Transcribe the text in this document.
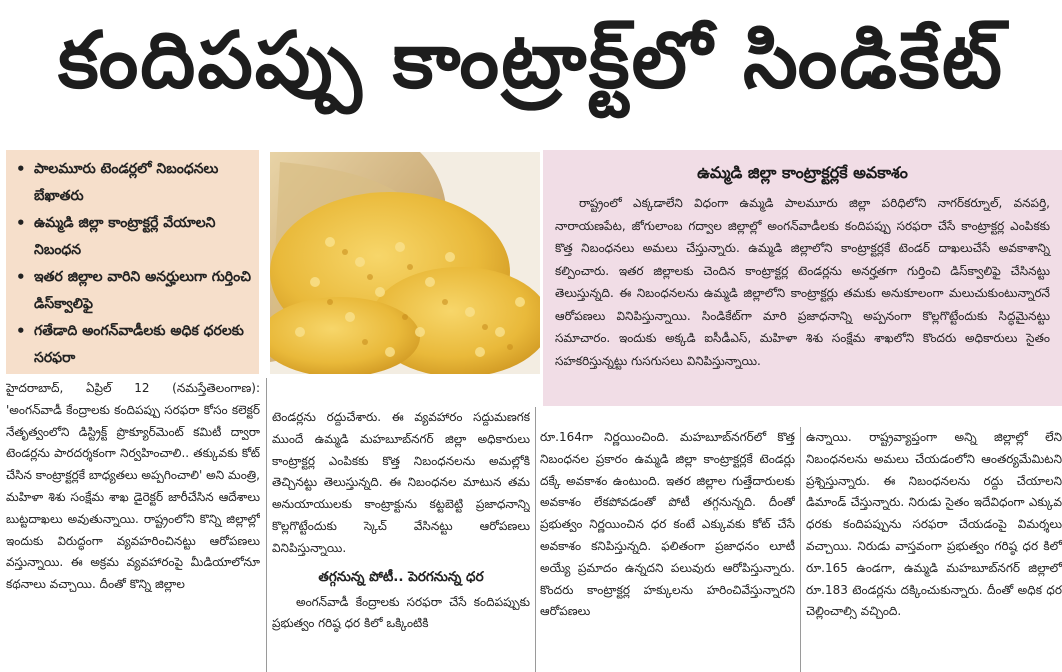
కందిపప్పు కాంట్రాక్ట్‌లో సిండికేట్
• పాలమూరు టెండర్లలో నిబంధనలు బేఖాతరు
• ఉమ్మడి జిల్లా కాంట్రాక్టర్లే వేయాలని నిబంధన
• ఇతర జిల్లాల వారిని అనర్హులుగా గుర్తించి డిస్‌క్వాలిఫై
• గతేడాది అంగన్‌వాడీలకు అధిక ధరలకు సరఫరా
ఉమ్మడి జిల్లా కాంట్రాక్టర్లకే అవకాశం
రాష్ట్రంలో ఎక్కడాలేని విధంగా ఉమ్మడి పాలమూరు జిల్లా పరిధిలోని నాగర్‌కర్నూల్, వనపర్తి, నారాయణపేట, జోగులాంబ గద్వాల జిల్లాల్లో అంగన్‌వాడీలకు కందిపప్పు సరఫరా చేసే కాంట్రాక్టర్ల ఎంపికకు కొత్త నిబంధనలు అమలు చేస్తున్నారు. ఉమ్మడి జిల్లాలోని కాంట్రాక్టర్లకే టెండర్ దాఖలుచేసే అవకాశాన్ని కల్పించారు. ఇతర జిల్లాలకు చెందిన కాంట్రాక్టర్ల టెండర్లను అనర్హతగా గుర్తించి డిస్‌క్వాలిఫై చేసినట్టు తెలుస్తున్నది. ఈ నిబంధనలను ఉమ్మడి జిల్లాలోని కాంట్రాక్టర్లు తమకు అనుకూలంగా మలుచుకుంటున్నారనే ఆరోపణలు వినిపిస్తున్నాయి. సిండికేట్‌గా మారి ప్రజాధనాన్ని అప్పనంగా కొల్లగొట్టేందుకు సిద్ధమైనట్టు సమాచారం. ఇందుకు అక్కడి ఐసీడీఎస్, మహిళా శిశు సంక్షేమ శాఖలోని కొందరు అధికారులు సైతం సహకరిస్తున్నట్టు గుసగుసలు వినిపిస్తున్నాయి.
హైదరాబాద్, ఏప్రిల్ 12 (నమస్తేతెలంగాణ): 'అంగన్‌వాడీ కేంద్రాలకు కందిపప్పు సరఫరా కోసం కలెక్టర్ నేతృత్వంలోని డిస్ట్రిక్ట్ ప్రొక్యూర్‌మెంట్ కమిటీ ద్వారా టెండర్లను పారదర్శకంగా నిర్వహించాలి.. తక్కువకు కోట్ చేసిన కాంట్రాక్టర్లకే బాధ్యతలు అప్పగించాలి' అని మంత్రి, మహిళా శిశు సంక్షేమ శాఖ డైరెక్టర్ జారీచేసిన ఆదేశాలు బుట్టదాఖలు అవుతున్నాయి. రాష్ట్రంలోని కొన్ని జిల్లాల్లో ఇందుకు విరుద్ధంగా వ్యవహరించినట్టు ఆరోపణలు వస్తున్నాయి. ఈ అక్రమ వ్యవహారంపై మీడియాలోనూ కథనాలు వచ్చాయి. దీంతో కొన్ని జిల్లాల
టెండర్లను రద్దుచేశారు. ఈ వ్యవహారం సద్దుమణగక ముందే ఉమ్మడి మహబూబ్‌నగర్ జిల్లా అధికారులు కాంట్రాక్టర్ల ఎంపికకు కొత్త నిబంధనలను అమల్లోకి తెచ్చినట్టు తెలుస్తున్నది. ఈ నిబంధనల మాటున తమ అనుయాయులకు కాంట్రాక్టును కట్టబెట్టి ప్రజాధనాన్ని కొల్లగొట్టేందుకు స్కెచ్ వేసినట్టు ఆరోపణలు వినిపిస్తున్నాయి.
తగ్గనున్న పోటీ.. పెరగనున్న ధర
అంగన్‌వాడీ కేంద్రాలకు సరఫరా చేసే కందిపప్పుకు ప్రభుత్వం గరిష్ఠ ధర కిలో ఒక్కింటికి
రూ.164గా నిర్ణయించింది. మహబూబ్‌నగర్‌లో కొత్త నిబంధనల ప్రకారం ఉమ్మడి జిల్లా కాంట్రాక్టర్లకే టెండర్లు దక్కే అవకాశం ఉంటుంది. ఇతర జిల్లాల గుత్తేదారులకు అవకాశం లేకపోవడంతో పోటీ తగ్గనున్నది. దీంతో ప్రభుత్వం నిర్ణయించిన ధర కంటే ఎక్కువకు కోట్ చేసే అవకాశం కనిపిస్తున్నది. ఫలితంగా ప్రజాధనం లూటీ అయ్యే ప్రమాదం ఉన్నదని పలువురు ఆరోపిస్తున్నారు. కొందరు కాంట్రాక్టర్ల హక్కులను హరించివేస్తున్నారని ఆరోపణలు
ఉన్నాయి. రాష్ట్రవ్యాప్తంగా అన్ని జిల్లాల్లో లేని నిబంధనలను అమలు చేయడంలోని ఆంతర్యమేమిటని ప్రశ్నిస్తున్నారు. ఈ నిబంధనలను రద్దు చేయాలని డిమాండ్ చేస్తున్నారు. నిరుడు సైతం ఇదేవిధంగా ఎక్కువ ధరకు కందిపప్పును సరఫరా చేయడంపై విమర్శలు వచ్చాయి. నిరుడు వాస్తవంగా ప్రభుత్వం గరిష్ఠ ధర కిలో రూ.165 ఉండగా, ఉమ్మడి మహబూబ్‌నగర్ జిల్లాలో రూ.183 టెండర్లను దక్కించుకున్నారు. దీంతో అధిక ధర చెల్లించాల్సి వచ్చింది.
